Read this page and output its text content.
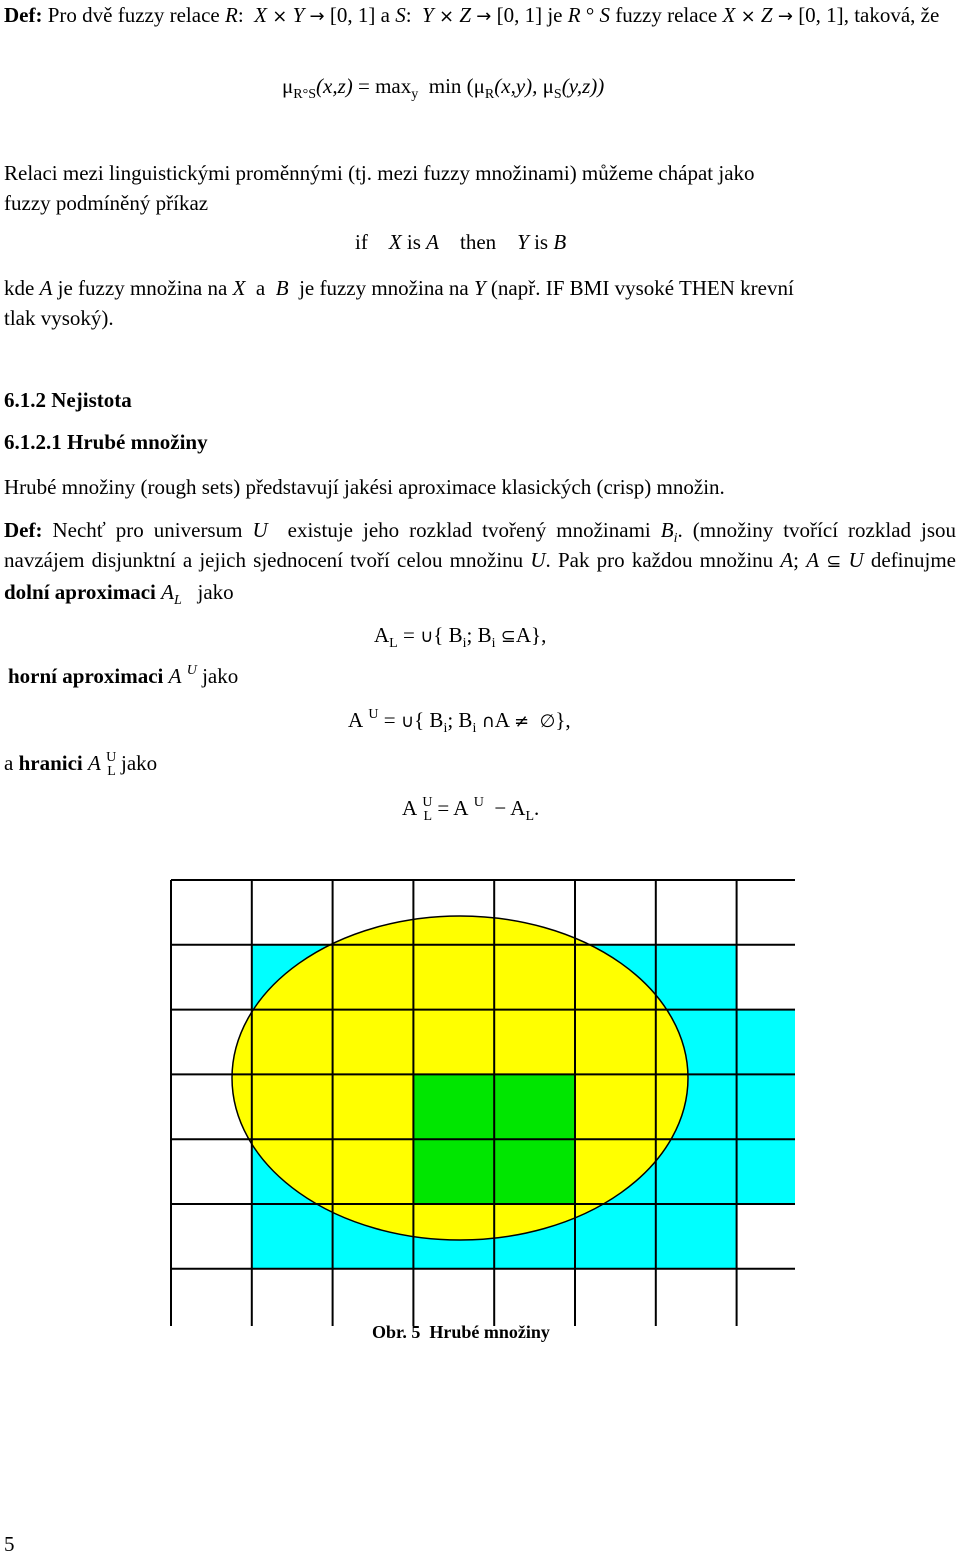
Def: Pro dvě fuzzy relace R:  X × Y → [0, 1] a S:  Y × Z → [0, 1] je R ° S fuzzy relace X × Z → [0, 1], taková, že
$\mu_{R^\circ S}(x,z) = \max_y \min (\mu_R(x,y)$, $\mu_S(y,z)$)
Relaci mezi linguistickými proměnnými (tj. mezi fuzzy množinami) můžeme chápat jako
fuzzy podmíněný příkaz
if X is A then Y is B
kde A je fuzzy množina na X a B je fuzzy množina na Y (např. IF BMI vysoké THEN krevní
tlak vysoký).
6.1.2 Nejistota
6.1.2.1 Hrubé množiny
Hrubé množiny (rough sets) představují jakési aproximace klasických (crisp) množin.
Def: Nechť pro universum U existuje jeho rozklad tvořený množinami $B_i$. (množiny tvořící rozklad jsou navzájem disjunktní a jejich sjednocení tvoří celou množinu U. Pak pro každou množinu A; A ⊆ U definujme dolní aproximaci $A_L$ jako
$A_L$ = ∪{ $B_i$; $B_i$ ⊆A},
horní aproximaci A $^U$ jako
A $^U$ = ∪{ $B_i$; $B_i$ ∩A ≠ ∅},
a hranici A $^U_L$ jako
A $^U_L$ = A $^U - A_L$.
Obr. 5 Hrubé množiny
5
